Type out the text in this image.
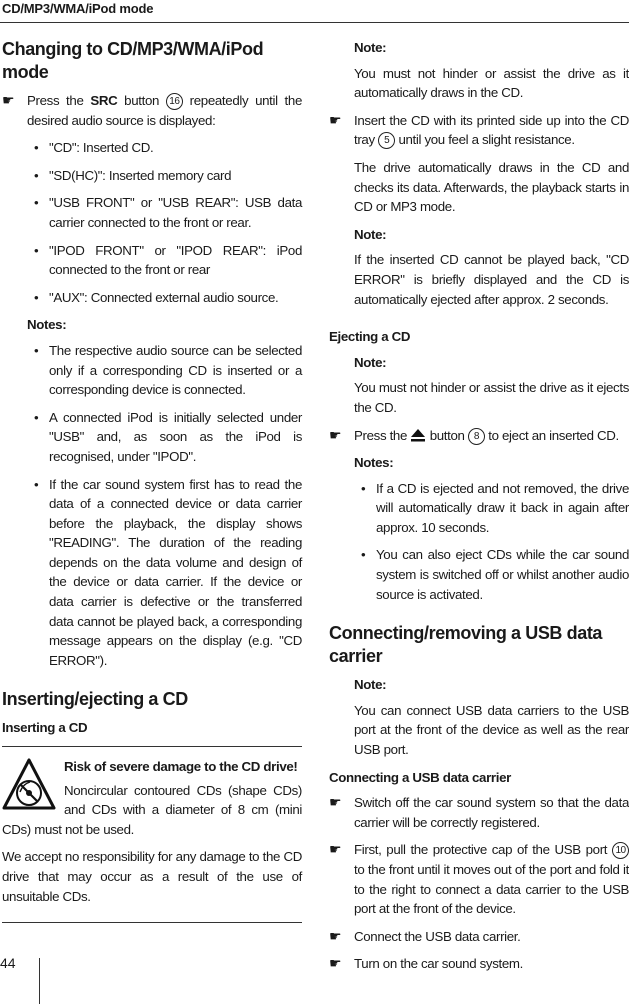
CD/MP3/WMA/iPod mode
Changing to CD/MP3/WMA/iPod mode
☛ Press the SRC button 16 repeatedly until the desired audio source is displayed:
• "CD": Inserted CD.
• "SD(HC)": Inserted memory card
• "USB FRONT" or "USB REAR": USB data carrier connected to the front or rear.
• "IPOD FRONT" or "IPOD REAR": iPod connected to the front or rear
• "AUX": Connected external audio source.
Notes:
• The respective audio source can be selected only if a corresponding CD is inserted or a corresponding device is connected.
• A connected iPod is initially selected under "USB" and, as soon as the iPod is recognised, under "IPOD".
• If the car sound system first has to read the data of a connected device or data carrier before the playback, the display shows "READING". The duration of the reading depends on the data volume and design of the device or data carrier. If the device or data carrier is defective or the transferred data cannot be played back, a corresponding message appears on the display (e.g. "CD ERROR").
Inserting/ejecting a CD
Inserting a CD
Risk of severe damage to the CD drive!

Noncircular contoured CDs (shape CDs) and CDs with a diameter of 8 cm (mini CDs) must not be used.

We accept no responsibility for any damage to the CD drive that may occur as a result of the use of unsuitable CDs.

Note:

You must not hinder or assist the drive as it automatically draws in the CD.

☛ Insert the CD with its printed side up into the CD tray 5 until you feel a slight resistance.

The drive automatically draws in the CD and checks its data. Afterwards, the playback starts in CD or MP3 mode.

Note:

If the inserted CD cannot be played back, "CD ERROR" is briefly displayed and the CD is automatically ejected after approx. 2 seconds.

Ejecting a CD
Note:

You must not hinder or assist the drive as it ejects the CD.

☛ Press the  button 8 to eject an inserted CD.
Notes:
• If a CD is ejected and not removed, the drive will automatically draw it back in again after approx. 10 seconds.
• You can also eject CDs while the car sound system is switched off or whilst another audio source is activated.
Connecting/removing a USB data carrier
Note:

You can connect USB data carriers to the USB port at the front of the device as well as the rear USB port.

Connecting a USB data carrier
☛ Switch off the car sound system so that the data carrier will be correctly registered.
☛ First, pull the protective cap of the USB port 10 to the front until it moves out of the port and fold it to the right to connect a data carrier to the USB port at the front of the device.
☛ Connect the USB data carrier.
☛ Turn on the car sound system.
44
